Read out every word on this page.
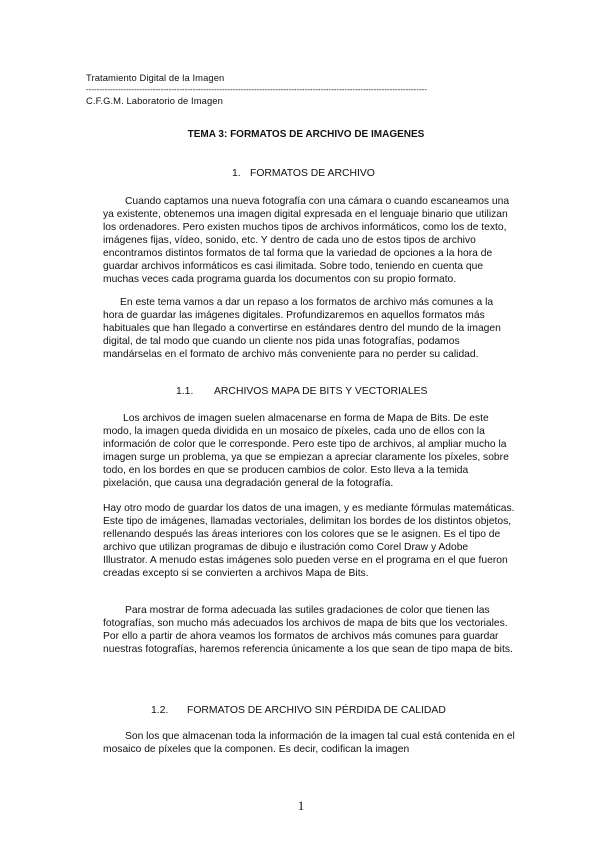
Tratamiento Digital de la Imagen
--------------------------------------------------------------------------------------------------------------------------------
C.F.G.M. Laboratorio de Imagen
TEMA 3: FORMATOS DE ARCHIVO DE IMAGENES
1. FORMATOS DE ARCHIVO

Cuando captamos una nueva fotografía con una cámara o cuando escaneamos una ya existente, obtenemos una imagen digital expresada en el lenguaje binario que utilizan los ordenadores. Pero existen muchos tipos de archivos informáticos, como los de texto, imágenes fijas, vídeo, sonido, etc. Y dentro de cada uno de estos tipos de archivo encontramos distintos formatos de tal forma que la variedad de opciones a la hora de guardar archivos informáticos es casi ilimitada. Sobre todo, teniendo en cuenta que muchas veces cada programa guarda los documentos con su propio formato.

En este tema vamos a dar un repaso a los formatos de archivo más comunes a la hora de guardar las imágenes digitales. Profundizaremos en aquellos formatos más habituales que han llegado a convertirse en estándares dentro del mundo de la imagen digital, de tal modo que cuando un cliente nos pida unas fotografías, podamos mandárselas en el formato de archivo más conveniente para no perder su calidad.

1.1. ARCHIVOS MAPA DE BITS Y VECTORIALES

Los archivos de imagen suelen almacenarse en forma de Mapa de Bits. De este modo, la imagen queda dividida en un mosaico de píxeles, cada uno de ellos con la información de color que le corresponde. Pero este tipo de archivos, al ampliar mucho la imagen surge un problema, ya que se empiezan a apreciar claramente los píxeles, sobre todo, en los bordes en que se producen cambios de color. Esto lleva a la temida pixelación, que causa una degradación general de la fotografía.

Hay otro modo de guardar los datos de una imagen, y es mediante fórmulas matemáticas. Este tipo de imágenes, llamadas vectoriales, delimitan los bordes de los distintos objetos, rellenando después las áreas interiores con los colores que se le asignen. Es el tipo de archivo que utilizan programas de dibujo e ilustración como Corel Draw y Adobe Illustrator. A menudo estas imágenes solo pueden verse en el programa en el que fueron creadas excepto si se convierten a archivos Mapa de Bits.

Para mostrar de forma adecuada las sutiles gradaciones de color que tienen las fotografías, son mucho más adecuados los archivos de mapa de bits que los vectoriales. Por ello a partir de ahora veamos los formatos de archivos más comunes para guardar nuestras fotografías, haremos referencia únicamente a los que sean de tipo mapa de bits.

1.2. FORMATOS DE ARCHIVO SIN PÉRDIDA DE CALIDAD

Son los que almacenan toda la información de la imagen tal cual está contenida en el mosaico de píxeles que la componen. Es decir, codifican la imagen

1
